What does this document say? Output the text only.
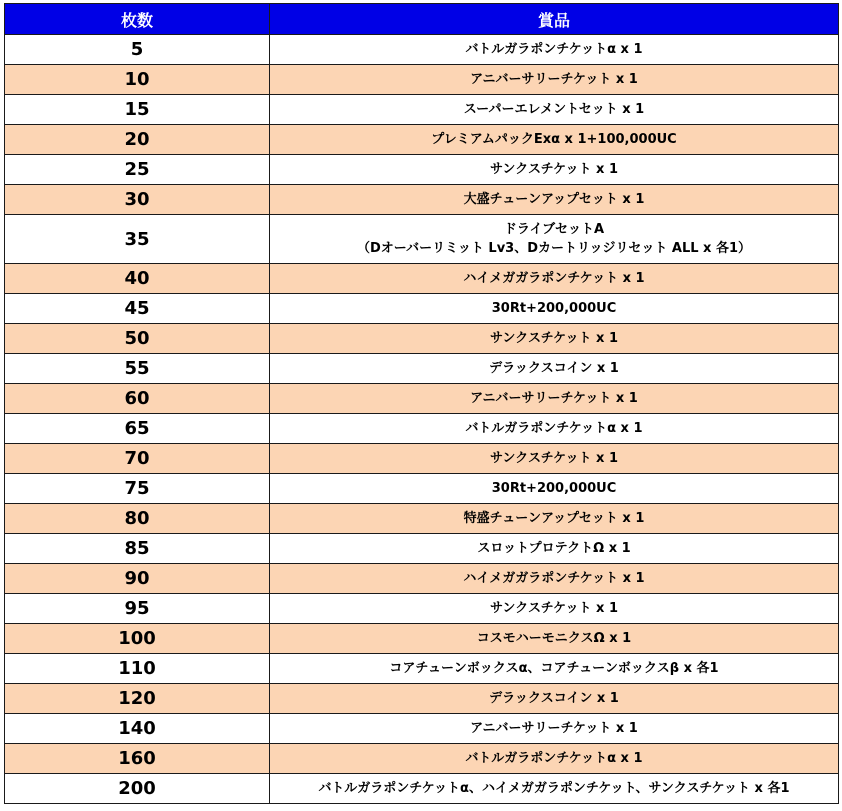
枚数	賞品
5	バトルガラポンチケットα x 1
10	アニバーサリーチケット x 1
15	スーパーエレメントセット x 1
20	プレミアムパックExα x 1+100,000UC
25	サンクスチケット x 1
30	大盛チューンアップセット x 1
35	ドライブセットA
（Dオーバーリミット Lv3、Dカートリッジリセット ALL x 各1）

40	ハイメガガラポンチケット x 1
45	30Rt+200,000UC
50	サンクスチケット x 1
55	デラックスコイン x 1
60	アニバーサリーチケット x 1
65	バトルガラポンチケットα x 1
70	サンクスチケット x 1
75	30Rt+200,000UC
80	特盛チューンアップセット x 1
85	スロットプロテクトΩ x 1
90	ハイメガガラポンチケット x 1
95	サンクスチケット x 1
100	コスモハーモニクスΩ x 1
110	コアチューンボックスα、コアチューンボックスβ x 各1
120	デラックスコイン x 1
140	アニバーサリーチケット x 1
160	バトルガラポンチケットα x 1
200	バトルガラポンチケットα、ハイメガガラポンチケット、サンクスチケット x 各1
